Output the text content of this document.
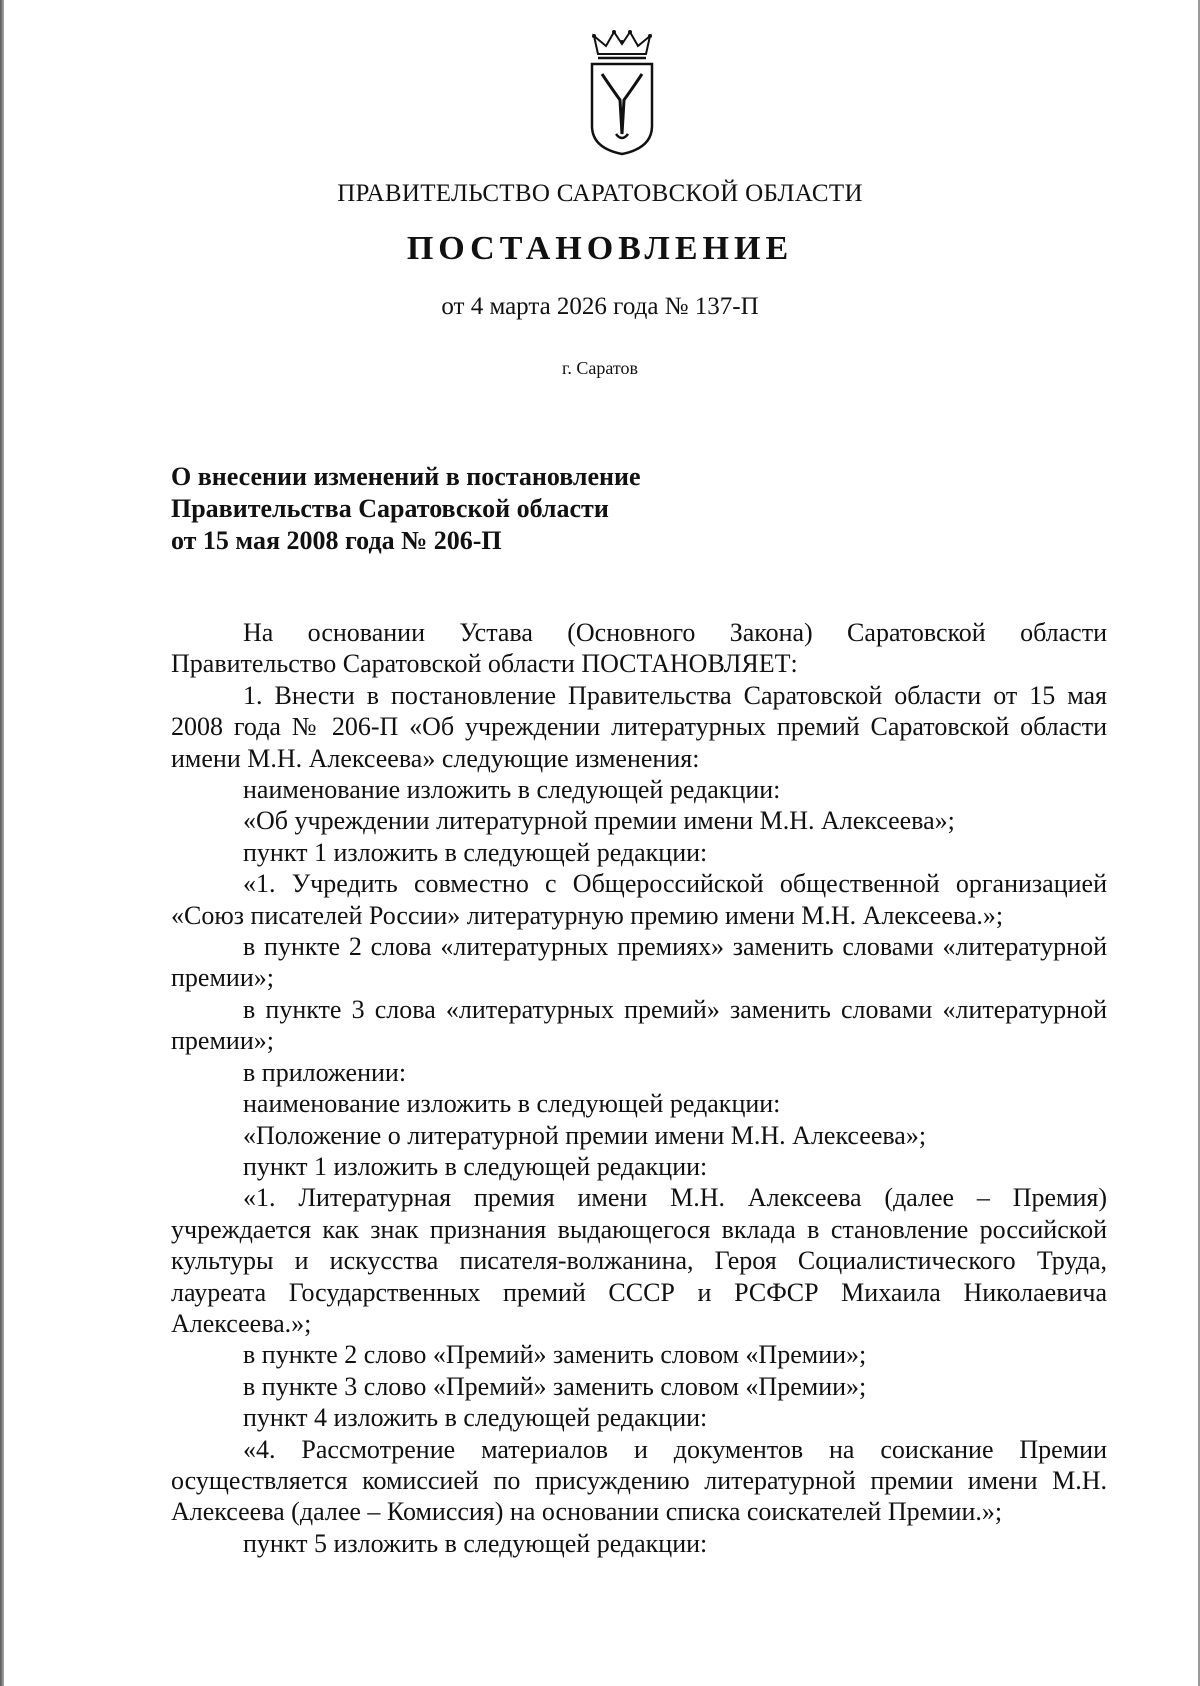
ПРАВИТЕЛЬСТВО САРАТОВСКОЙ ОБЛАСТИ
ПОСТАНОВЛЕНИЕ
от 4 марта 2026 года № 137-П
г. Саратов
О внесении изменений в постановление
Правительства Саратовской области
от 15 мая 2008 года № 206-П

На основании Устава (Основного Закона) Саратовской области Правительство Саратовской области ПОСТАНОВЛЯЕТ:

1. Внести в постановление Правительства Саратовской области от 15 мая 2008 года № 206-П «Об учреждении литературных премий Саратовской области имени М.Н. Алексеева» следующие изменения:

наименование изложить в следующей редакции:

«Об учреждении литературной премии имени М.Н. Алексеева»;

пункт 1 изложить в следующей редакции:

«1. Учредить совместно с Общероссийской общественной организацией «Союз писателей России» литературную премию имени М.Н. Алексеева.»;

в пункте 2 слова «литературных премиях» заменить словами «литературной премии»;

в пункте 3 слова «литературных премий» заменить словами «литературной премии»;

в приложении:

наименование изложить в следующей редакции:

«Положение о литературной премии имени М.Н. Алексеева»;

пункт 1 изложить в следующей редакции:

«1. Литературная премия имени М.Н. Алексеева (далее – Премия) учреждается как знак признания выдающегося вклада в становление российской культуры и искусства писателя-волжанина, Героя Социалистического Труда, лауреата Государственных премий СССР и РСФСР Михаила Николаевича Алексеева.»;

в пункте 2 слово «Премий» заменить словом «Премии»;

в пункте 3 слово «Премий» заменить словом «Премии»;

пункт 4 изложить в следующей редакции:

«4. Рассмотрение материалов и документов на соискание Премии осуществляется комиссией по присуждению литературной премии имени М.Н. Алексеева (далее – Комиссия) на основании списка соискателей Премии.»;

пункт 5 изложить в следующей редакции:
